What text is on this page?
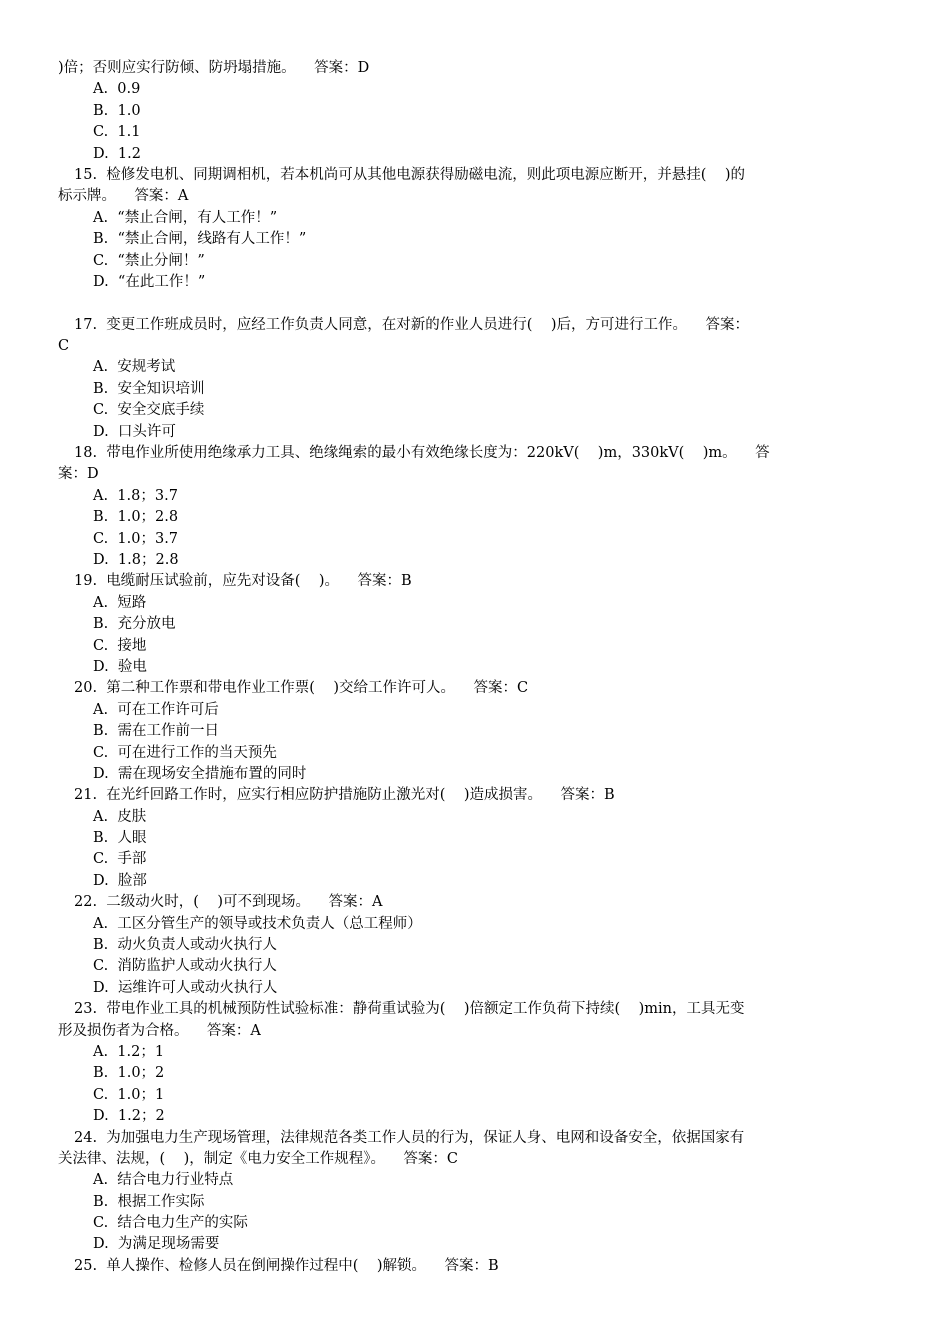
)倍；否则应实行防倾、防坍塌措施。    答案：D
A.  0.9
B.  1.0
C.  1.1
D.  1.2
15.  检修发电机、同期调相机，若本机尚可从其他电源获得励磁电流，则此项电源应断开，并悬挂(    )的
标示牌。    答案：A
A.  “禁止合闸，有人工作！”
B.  “禁止合闸，线路有人工作！”
C.  “禁止分闸！”
D.  “在此工作！”
17.  变更工作班成员时，应经工作负责人同意，在对新的作业人员进行(    )后，方可进行工作。    答案：
C
A.  安规考试
B.  安全知识培训
C.  安全交底手续
D.  口头许可
18.  带电作业所使用绝缘承力工具、绝缘绳索的最小有效绝缘长度为：220kV(    )m，330kV(    )m。    答
案：D
A.  1.8；3.7
B.  1.0；2.8
C.  1.0；3.7
D.  1.8；2.8
19.  电缆耐压试验前，应先对设备(    )。    答案：B
A.  短路
B.  充分放电
C.  接地
D.  验电
20.  第二种工作票和带电作业工作票(    )交给工作许可人。    答案：C
A.  可在工作许可后
B.  需在工作前一日
C.  可在进行工作的当天预先
D.  需在现场安全措施布置的同时
21.  在光纤回路工作时，应实行相应防护措施防止激光对(    )造成损害。    答案：B
A.  皮肤
B.  人眼
C.  手部
D.  脸部
22.  二级动火时，(    )可不到现场。    答案：A
A.  工区分管生产的领导或技术负责人（总工程师）
B.  动火负责人或动火执行人
C.  消防监护人或动火执行人
D.  运维许可人或动火执行人
23.  带电作业工具的机械预防性试验标准：静荷重试验为(    )倍额定工作负荷下持续(    )min，工具无变
形及损伤者为合格。    答案：A
A.  1.2；1
B.  1.0；2
C.  1.0；1
D.  1.2；2
24.  为加强电力生产现场管理，法律规范各类工作人员的行为，保证人身、电网和设备安全，依据国家有
关法律、法规，(    )，制定《电力安全工作规程》。    答案：C
A.  结合电力行业特点
B.  根据工作实际
C.  结合电力生产的实际
D.  为满足现场需要
25.  单人操作、检修人员在倒闸操作过程中(    )解锁。    答案：B
